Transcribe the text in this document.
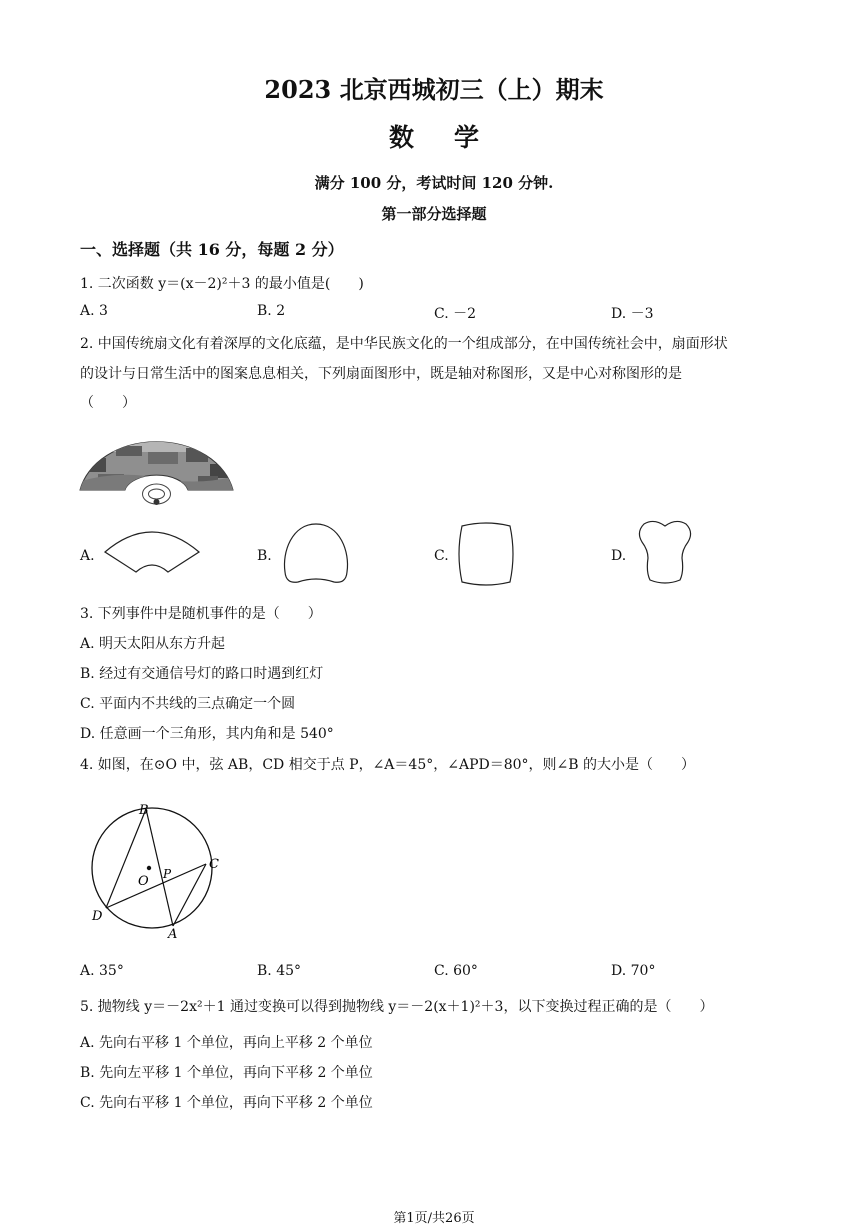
2023 北京西城初三（上）期末
数学
满分 100 分，考试时间 120 分钟.
第一部分选择题
一、选择题（共 16 分，每题 2 分）
1. 二次函数 y＝(x－2)²＋3 的最小值是(　　)
A. 3	B. 2	C. －2	D. －3
2. 中国传统扇文化有着深厚的文化底蕴，是中华民族文化的一个组成部分，在中国传统社会中，扇面形状
的设计与日常生活中的图案息息相关，下列扇面图形中，既是轴对称图形，又是中心对称图形的是
（　　）
A.	B.	C.	D.
3. 下列事件中是随机事件的是（　　）
A. 明天太阳从东方升起
B. 经过有交通信号灯的路口时遇到红灯
C. 平面内不共线的三点确定一个圆
D. 任意画一个三角形，其内角和是 540°
4. 如图，在⊙O 中，弦 AB，CD 相交于点 P，∠A＝45°，∠APD＝80°，则∠B 的大小是（　　）
B
C
O P
D
A
A. 35°	B. 45°	C. 60°	D. 70°
5. 抛物线 y＝－2x²＋1 通过变换可以得到抛物线 y＝－2(x＋1)²＋3，以下变换过程正确的是（　　）
A. 先向右平移 1 个单位，再向上平移 2 个单位
B. 先向左平移 1 个单位，再向下平移 2 个单位
C. 先向右平移 1 个单位，再向下平移 2 个单位
第1页/共26页
